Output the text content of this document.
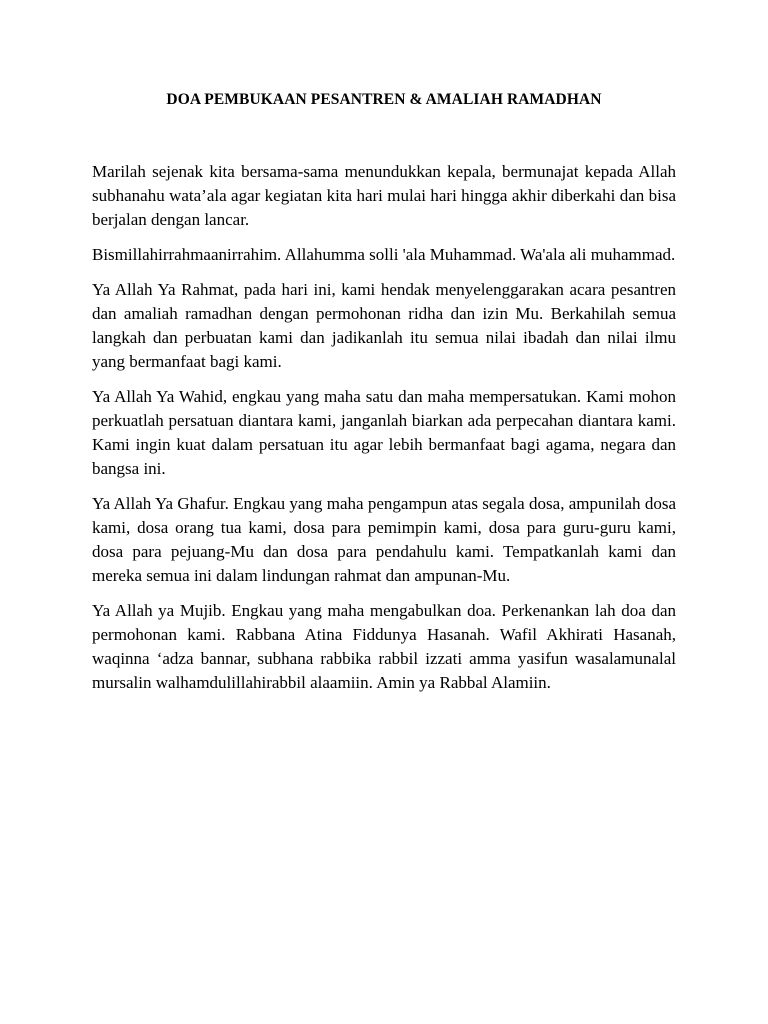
DOA PEMBUKAAN PESANTREN & AMALIAH RAMADHAN

Marilah sejenak kita bersama-sama menundukkan kepala, bermunajat kepada Allah subhanahu wata’ala agar kegiatan kita hari mulai hari hingga akhir diberkahi dan bisa berjalan dengan lancar.

Bismillahirrahmaanirrahim. Allahumma solli 'ala Muhammad. Wa'ala ali muhammad.

Ya Allah Ya Rahmat, pada hari ini, kami hendak menyelenggarakan acara pesantren dan amaliah ramadhan dengan permohonan ridha dan izin Mu. Berkahilah semua langkah dan perbuatan kami dan jadikanlah itu semua nilai ibadah dan nilai ilmu yang bermanfaat bagi kami.

Ya Allah Ya Wahid, engkau yang maha satu dan maha mempersatukan. Kami mohon perkuatlah persatuan diantara kami, janganlah biarkan ada perpecahan diantara kami. Kami ingin kuat dalam persatuan itu agar lebih bermanfaat bagi agama, negara dan bangsa ini.

Ya Allah Ya Ghafur. Engkau yang maha pengampun atas segala dosa, ampunilah dosa kami, dosa orang tua kami, dosa para pemimpin kami, dosa para guru-guru kami, dosa para pejuang-Mu dan dosa para pendahulu kami. Tempatkanlah kami dan mereka semua ini dalam lindungan rahmat dan ampunan-Mu.

Ya Allah ya Mujib. Engkau yang maha mengabulkan doa. Perkenankan lah doa dan permohonan kami. Rabbana Atina Fiddunya Hasanah. Wafil Akhirati Hasanah, waqinna ‘adza bannar, subhana rabbika rabbil izzati amma yasifun wasalamunalal mursalin walhamdulillahirabbil alaamiin. Amin ya Rabbal Alamiin.
